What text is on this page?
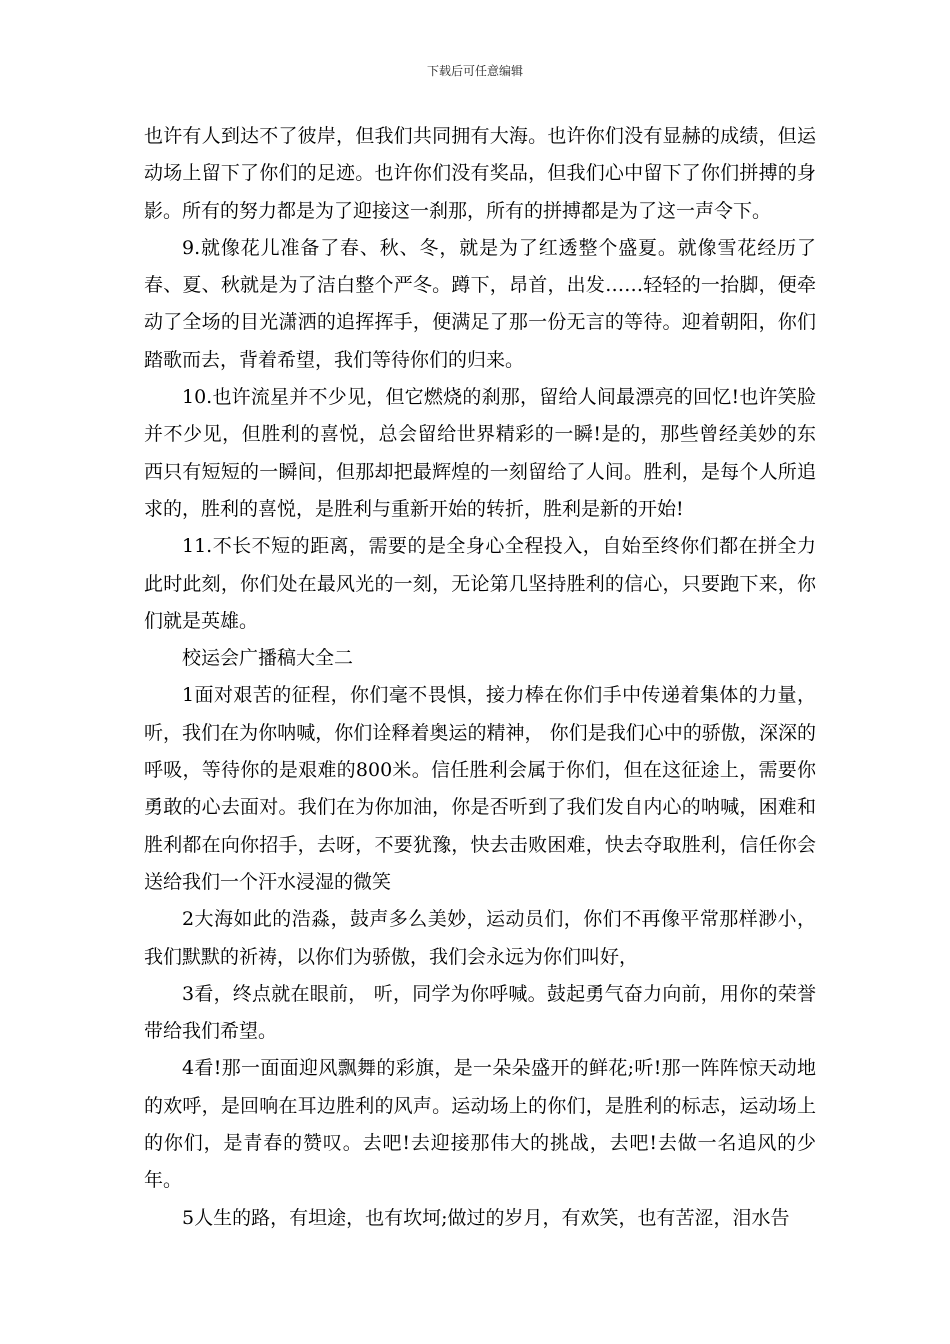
下载后可任意编辑

也许有人到达不了彼岸，但我们共同拥有大海。也许你们没有显赫的成绩，但运动场上留下了你们的足迹。也许你们没有奖品，但我们心中留下了你们拼搏的身影。所有的努力都是为了迎接这一刹那，所有的拼搏都是为了这一声令下。

9.就像花儿准备了春、秋、冬，就是为了红透整个盛夏。就像雪花经历了春、夏、秋就是为了洁白整个严冬。蹲下，昂首，出发……轻轻的一抬脚，便牵动了全场的目光潇洒的追挥挥手，便满足了那一份无言的等待。迎着朝阳，你们踏歌而去，背着希望，我们等待你们的归来。

10.也许流星并不少见，但它燃烧的刹那，留给人间最漂亮的回忆!也许笑脸并不少见，但胜利的喜悦，总会留给世界精彩的一瞬!是的，那些曾经美妙的东西只有短短的一瞬间，但那却把最辉煌的一刻留给了人间。胜利，是每个人所追求的，胜利的喜悦，是胜利与重新开始的转折，胜利是新的开始!

11.不长不短的距离，需要的是全身心全程投入，自始至终你们都在拼全力此时此刻，你们处在最风光的一刻，无论第几坚持胜利的信心，只要跑下来，你们就是英雄。

校运会广播稿大全二

1面对艰苦的征程，你们毫不畏惧，接力棒在你们手中传递着集体的力量，听，我们在为你呐喊，你们诠释着奥运的精神， 你们是我们心中的骄傲，深深的呼吸，等待你的是艰难的800米。信任胜利会属于你们，但在这征途上，需要你勇敢的心去面对。我们在为你加油，你是否听到了我们发自内心的呐喊，困难和胜利都在向你招手，去呀，不要犹豫，快去击败困难，快去夺取胜利，信任你会送给我们一个汗水浸湿的微笑

2大海如此的浩淼，鼓声多么美妙，运动员们，你们不再像平常那样渺小，我们默默的祈祷，以你们为骄傲，我们会永远为你们叫好，

3看，终点就在眼前， 听，同学为你呼喊。鼓起勇气奋力向前，用你的荣誉带给我们希望。

4看!那一面面迎风飘舞的彩旗，是一朵朵盛开的鲜花;听!那一阵阵惊天动地的欢呼，是回响在耳边胜利的风声。运动场上的你们，是胜利的标志，运动场上的你们，是青春的赞叹。去吧!去迎接那伟大的挑战，去吧!去做一名追风的少年。

5人生的路，有坦途，也有坎坷;做过的岁月，有欢笑，也有苦涩，泪水告
